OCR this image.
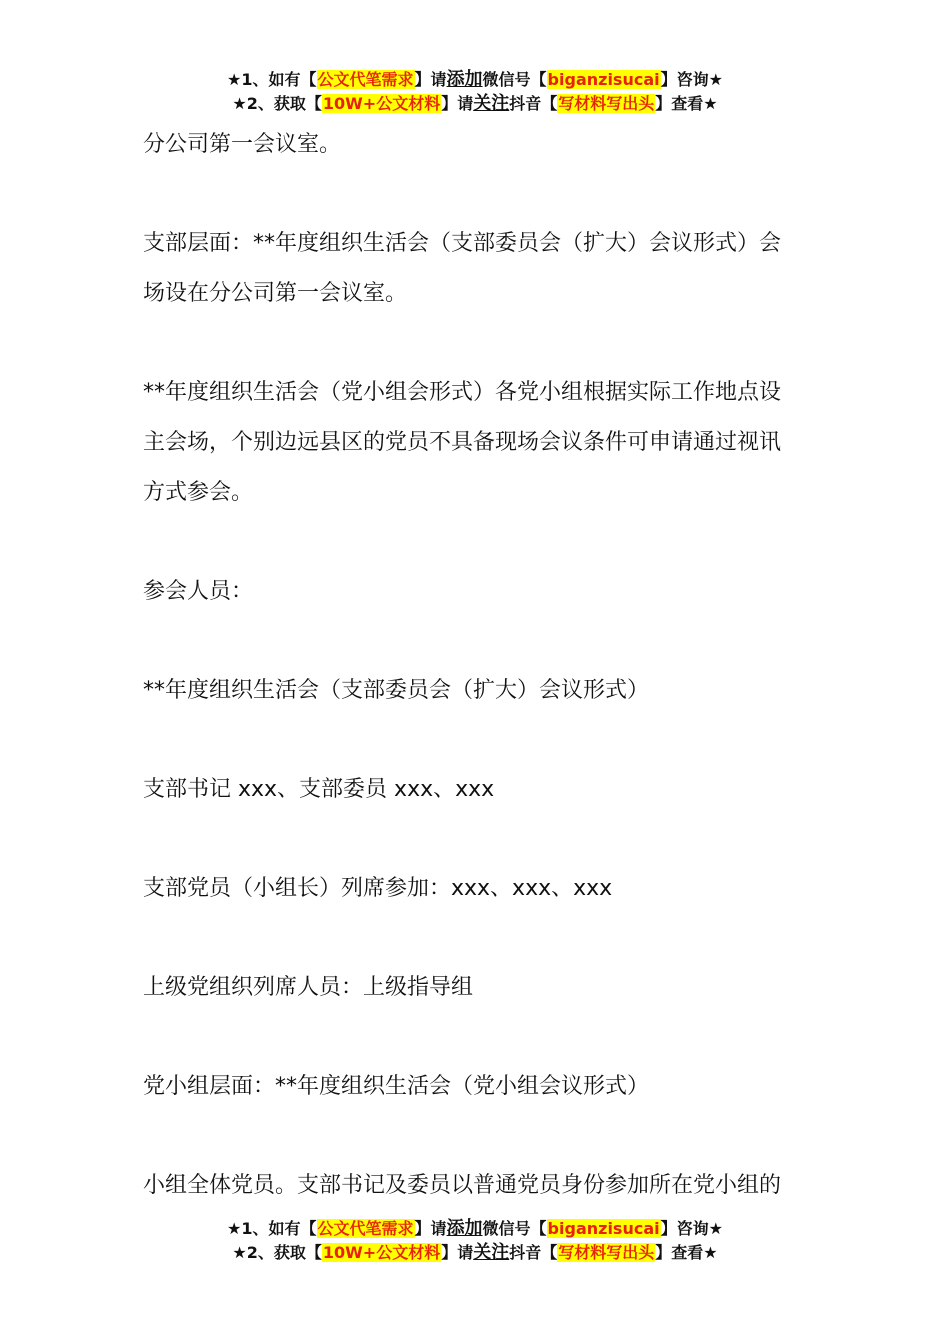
★1、如有【公文代笔需求】请添加微信号【biganzisucai】咨询★
★2、获取【10W+公文材料】请关注抖音【写材料写出头】查看★

分公司第一会议室。

支部层面：**年度组织生活会（支部委员会（扩大）会议形式）会

场设在分公司第一会议室。

**年度组织生活会（党小组会形式）各党小组根据实际工作地点设

主会场，个别边远县区的党员不具备现场会议条件可申请通过视讯

方式参会。

参会人员：

**年度组织生活会（支部委员会（扩大）会议形式）

支部书记 xxx、支部委员 xxx、xxx

支部党员（小组长）列席参加：xxx、xxx、xxx

上级党组织列席人员：上级指导组

党小组层面：**年度组织生活会（党小组会议形式）

小组全体党员。支部书记及委员以普通党员身份参加所在党小组的

★1、如有【公文代笔需求】请添加微信号【biganzisucai】咨询★
★2、获取【10W+公文材料】请关注抖音【写材料写出头】查看★
